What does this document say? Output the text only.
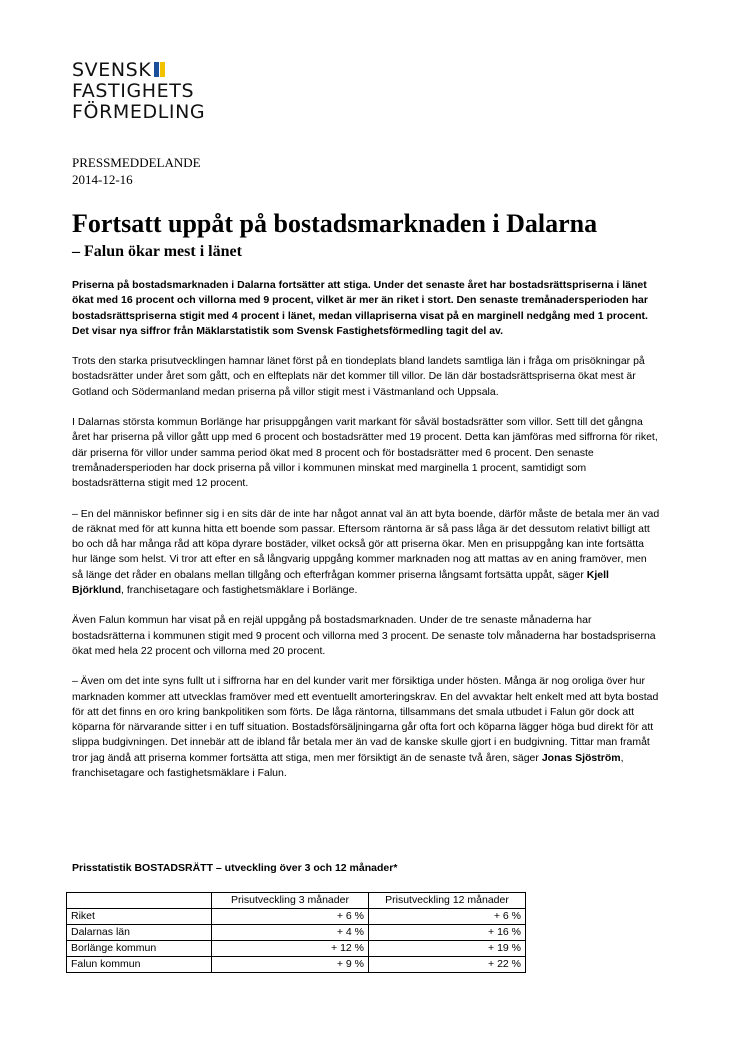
SVENSK
FASTIGHETS
FÖRMEDLING
PRESSMEDDELANDE
2014-12-16
Fortsatt uppåt på bostadsmarknaden i Dalarna
– Falun ökar mest i länet

Priserna på bostadsmarknaden i Dalarna fortsätter att stiga. Under det senaste året har bostadsrättspriserna i länet ökat med 16 procent och villorna med 9 procent, vilket är mer än riket i stort. Den senaste tremånadersperioden har bostadsrättspriserna stigit med 4 procent i länet, medan villapriserna visat på en marginell nedgång med 1 procent. Det visar nya siffror från Mäklarstatistik som Svensk Fastighetsförmedling tagit del av.

Trots den starka prisutvecklingen hamnar länet först på en tiondeplats bland landets samtliga län i fråga om prisökningar på bostadsrätter under året som gått, och en elfteplats när det kommer till villor. De län där bostadsrättspriserna ökat mest är Gotland och Södermanland medan priserna på villor stigit mest i Västmanland och Uppsala.

I Dalarnas största kommun Borlänge har prisuppgången varit markant för såväl bostadsrätter som villor. Sett till det gångna året har priserna på villor gått upp med 6 procent och bostadsrätter med 19 procent. Detta kan jämföras med siffrorna för riket, där priserna för villor under samma period ökat med 8 procent och för bostadsrätter med 6 procent. Den senaste tremånadersperioden har dock priserna på villor i kommunen minskat med marginella 1 procent, samtidigt som bostadsrätterna stigit med 12 procent.

– En del människor befinner sig i en sits där de inte har något annat val än att byta boende, därför måste de betala mer än vad de räknat med för att kunna hitta ett boende som passar. Eftersom räntorna är så pass låga är det dessutom relativt billigt att bo och då har många råd att köpa dyrare bostäder, vilket också gör att priserna ökar. Men en prisuppgång kan inte fortsätta hur länge som helst. Vi tror att efter en så långvarig uppgång kommer marknaden nog att mattas av en aning framöver, men så länge det råder en obalans mellan tillgång och efterfrågan kommer priserna långsamt fortsätta uppåt, säger Kjell Björklund, franchisetagare och fastighetsmäklare i Borlänge.

Även Falun kommun har visat på en rejäl uppgång på bostadsmarknaden. Under de tre senaste månaderna har bostadsrätterna i kommunen stigit med 9 procent och villorna med 3 procent. De senaste tolv månaderna har bostadspriserna ökat med hela 22 procent och villorna med 20 procent.

– Även om det inte syns fullt ut i siffrorna har en del kunder varit mer försiktiga under hösten. Många är nog oroliga över hur marknaden kommer att utvecklas framöver med ett eventuellt amorteringskrav. En del avvaktar helt enkelt med att byta bostad för att det finns en oro kring bankpolitiken som förts. De låga räntorna, tillsammans det smala utbudet i Falun gör dock att köparna för närvarande sitter i en tuff situation. Bostadsförsäljningarna går ofta fort och köparna lägger höga bud direkt för att slippa budgivningen. Det innebär att de ibland får betala mer än vad de kanske skulle gjort i en budgivning. Tittar man framåt tror jag ändå att priserna kommer fortsätta att stiga, men mer försiktigt än de senaste två åren, säger Jonas Sjöström, franchisetagare och fastighetsmäklare i Falun.

Prisstatistik BOSTADSRÄTT – utveckling över 3 och 12 månader*
	Prisutveckling 3 månader	Prisutveckling 12 månader
Riket	+ 6 %	+ 6 %
Dalarnas län	+ 4 %	+ 16 %
Borlänge kommun	+ 12 %	+ 19 %
Falun kommun	+ 9 %	+ 22 %
